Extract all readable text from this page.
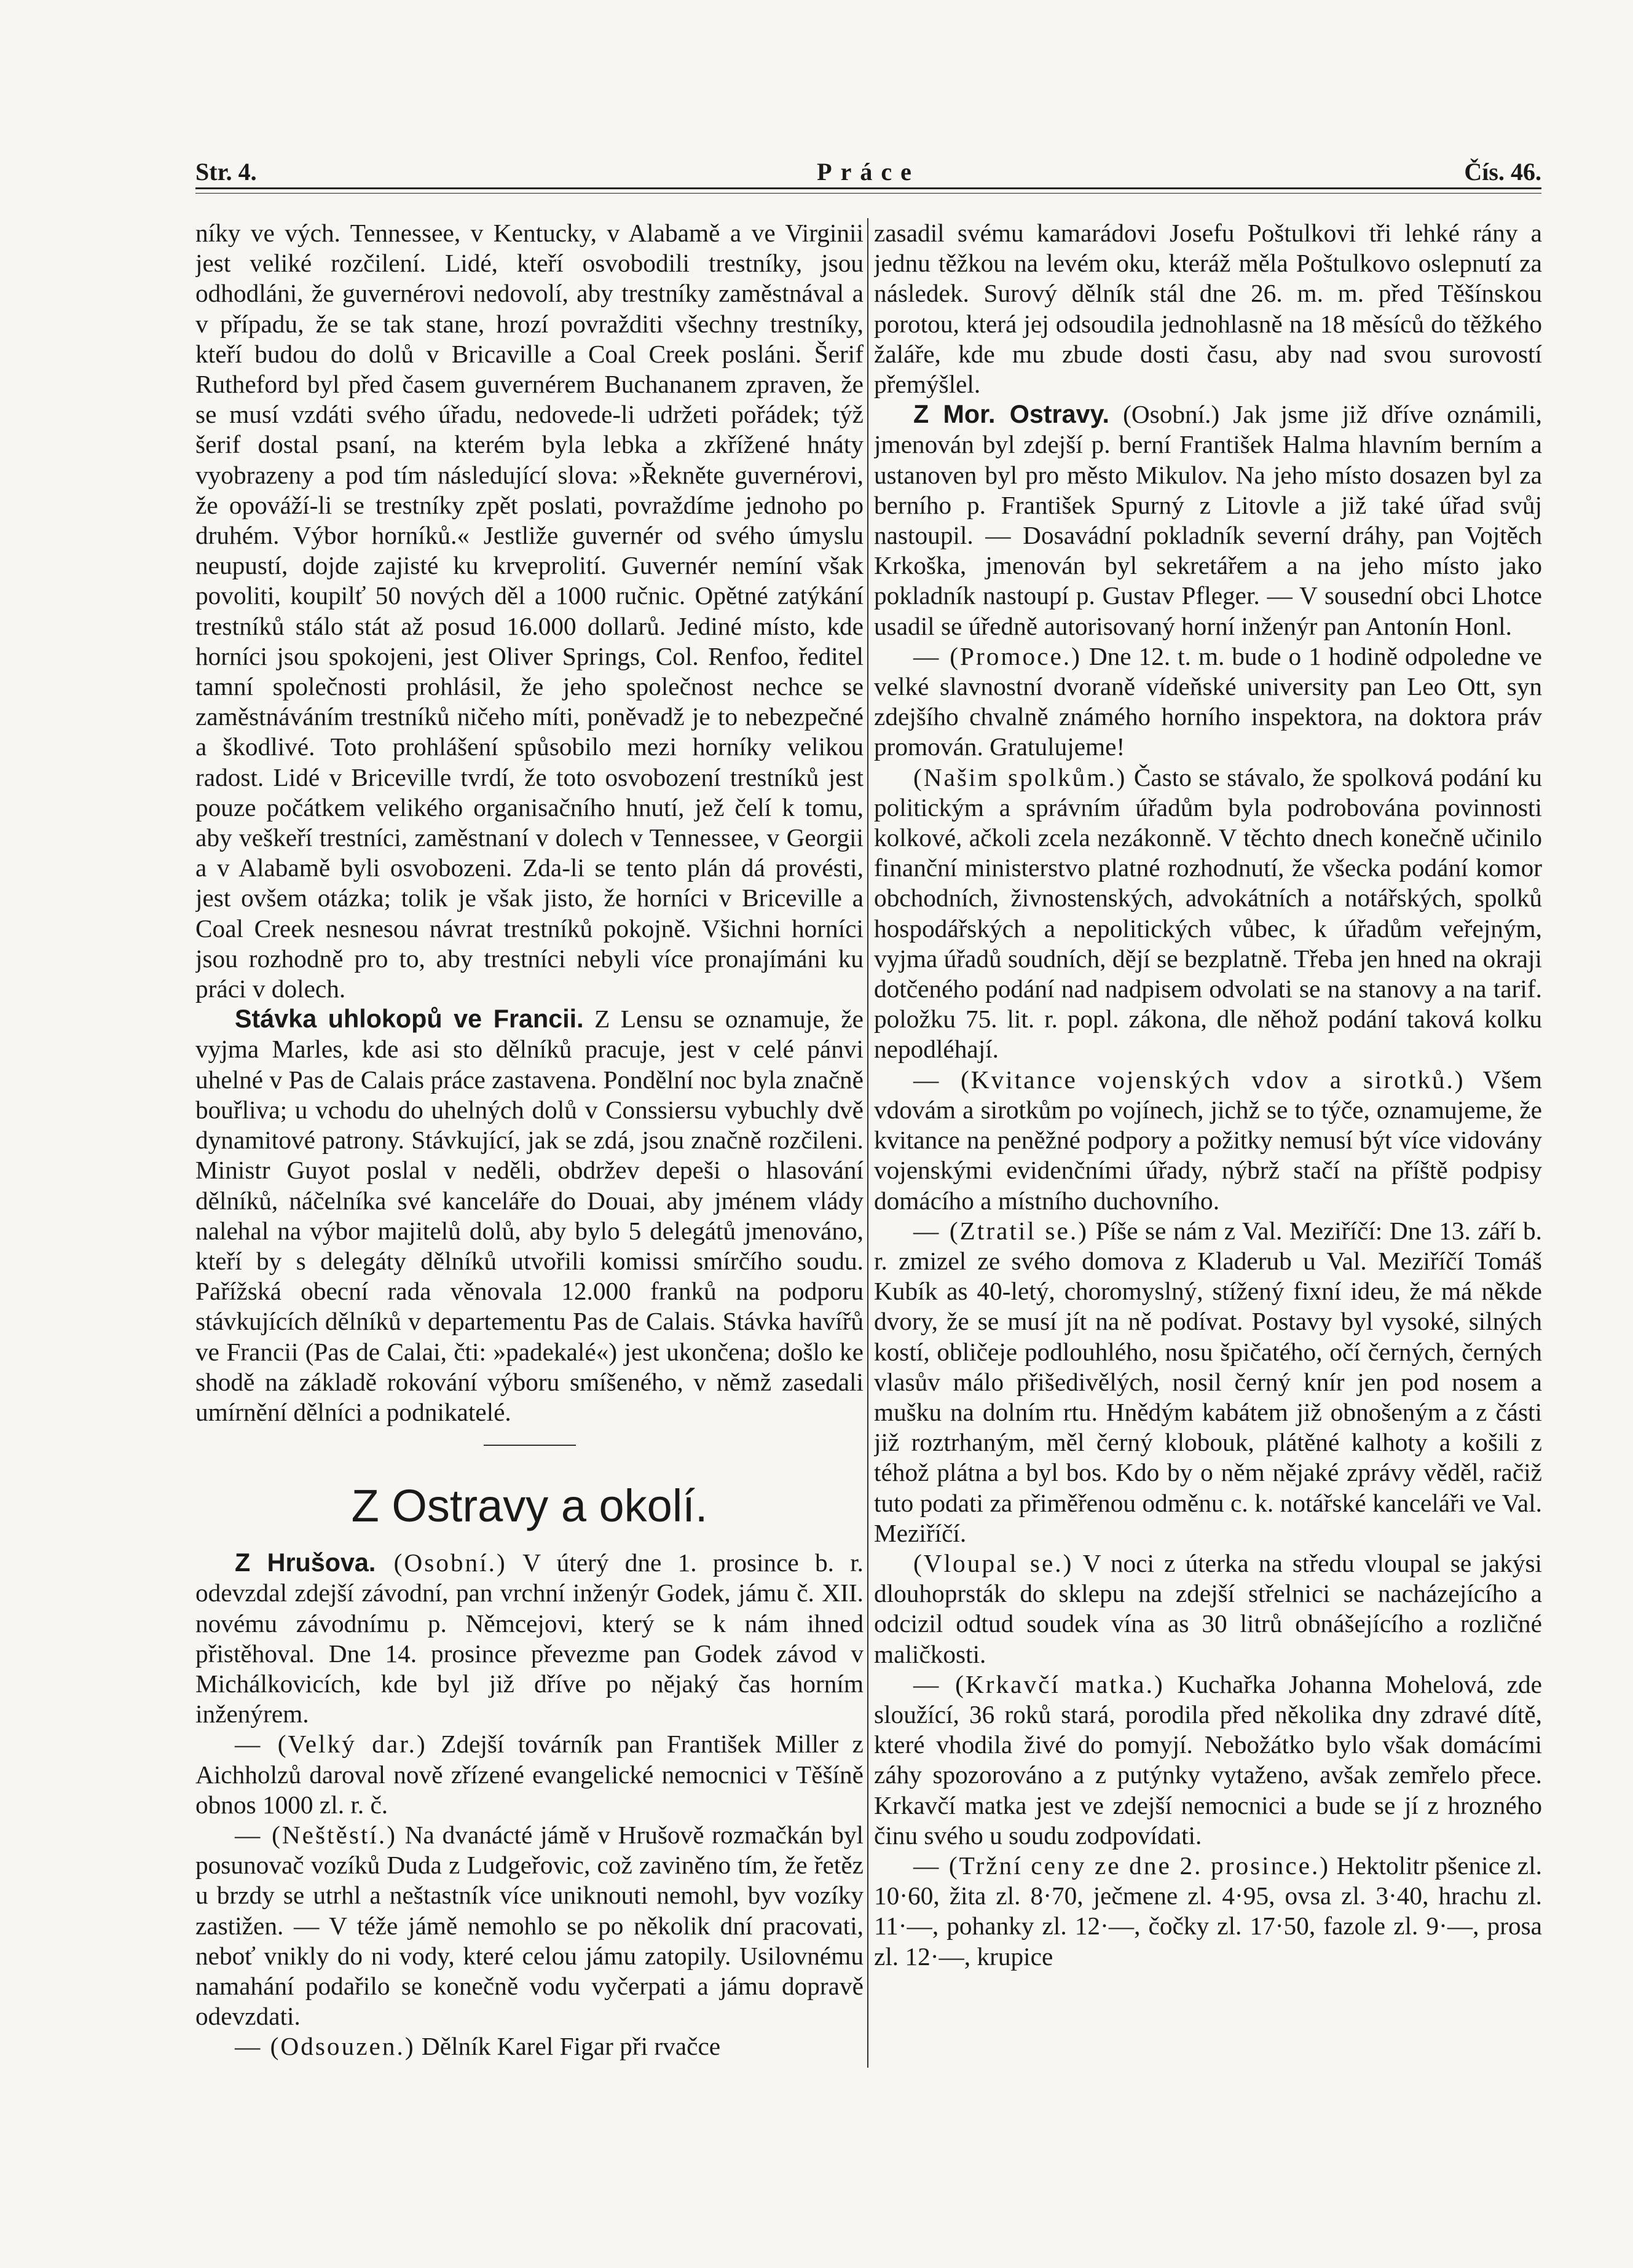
Str. 4.	Práce	Čís. 46.

níky ve vých. Tennessee, v Kentucky, v Alabamě a ve Virginii jest veliké rozčilení. Lidé, kteří osvobodili trestníky, jsou odhodláni, že guvernérovi nedovolí, aby trestníky zaměstnával a v případu, že se tak stane, hrozí povražditi všechny trestníky, kteří budou do dolů v Bricaville a Coal Creek posláni. Šerif Rutheford byl před časem guvernérem Buchananem zpraven, že se musí vzdáti svého úřadu, nedovede-li udržeti pořádek; týž šerif dostal psaní, na kterém byla lebka a zkřížené hnáty vyobrazeny a pod tím následující slova: »Řekněte guvernérovi, že opováží-li se trestníky zpět poslati, povraždíme jednoho po druhém. Výbor horníků.« Jestliže guvernér od svého úmyslu neupustí, dojde zajisté ku krveprolití. Guvernér nemíní však povoliti, koupilť 50 nových děl a 1000 ručnic. Opětné zatýkání trestníků stálo stát až posud 16.000 dollarů. Jediné místo, kde horníci jsou spokojeni, jest Oliver Springs, Col. Renfoo, ředitel tamní společnosti prohlásil, že jeho společnost nechce se zaměstnáváním trestníků ničeho míti, poněvadž je to nebezpečné a škodlivé. Toto prohlášení spůsobilo mezi horníky velikou radost. Lidé v Briceville tvrdí, že toto osvobození trestníků jest pouze počátkem velikého organisačního hnutí, jež čelí k tomu, aby veškeří trestníci, zaměstnaní v dolech v Tennessee, v Georgii a v Alabamě byli osvobozeni. Zda-li se tento plán dá provésti, jest ovšem otázka; tolik je však jisto, že horníci v Briceville a Coal Creek nesnesou návrat trestníků pokojně. Všichni horníci jsou rozhodně pro to, aby trestníci nebyli více pronajímáni ku práci v dolech.

Stávka uhlokopů ve Francii. Z Lensu se oznamuje, že vyjma Marles, kde asi sto dělníků pracuje, jest v celé pánvi uhelné v Pas de Calais práce zastavena. Pondělní noc byla značně bouřliva; u vchodu do uhelných dolů v Conssiersu vybuchly dvě dynamitové patrony. Stávkující, jak se zdá, jsou značně rozčileni. Ministr Guyot poslal v neděli, obdržev depeši o hlasování dělníků, náčelníka své kanceláře do Douai, aby jménem vlády nalehal na výbor majitelů dolů, aby bylo 5 delegátů jmenováno, kteří by s delegáty dělníků utvořili komissi smírčího soudu. Pařížská obecní rada věnovala 12.000 franků na podporu stávkujících dělníků v departementu Pas de Calais. Stávka havířů ve Francii (Pas de Calai, čti: »padekalé«) jest ukončena; došlo ke shodě na základě rokování výboru smíšeného, v němž zasedali umírnění dělníci a podnikatelé.

Z Ostravy a okolí.

Z Hrušova. (Osobní.) V úterý dne 1. prosince b. r. odevzdal zdejší závodní, pan vrchní inženýr Godek, jámu č. XII. novému závodnímu p. Němcejovi, který se k nám ihned přistěhoval. Dne 14. prosince převezme pan Godek závod v Michálkovicích, kde byl již dříve po nějaký čas horním inženýrem.

— (Velký dar.) Zdejší továrník pan František Miller z Aichholzů daroval nově zřízené evangelické nemocnici v Těšíně obnos 1000 zl. r. č.

— (Neštěstí.) Na dvanácté jámě v Hrušově rozmačkán byl posunovač vozíků Duda z Ludgeřovic, což zaviněno tím, že řetěz u brzdy se utrhl a neštastník více uniknouti nemohl, byv vozíky zastižen. — V téže jámě nemohlo se po několik dní pracovati, neboť vnikly do ni vody, které celou jámu zatopily. Usilovnému namahání podařilo se konečně vodu vyčerpati a jámu dopravě odevzdati.

— (Odsouzen.) Dělník Karel Figar při rvačce

zasadil svému kamarádovi Josefu Poštulkovi tři lehké rány a jednu těžkou na levém oku, kteráž měla Poštulkovo oslepnutí za následek. Surový dělník stál dne 26. m. m. před Těšínskou porotou, která jej odsoudila jednohlasně na 18 měsíců do těžkého žaláře, kde mu zbude dosti času, aby nad svou surovostí přemýšlel.

Z Mor. Ostravy. (Osobní.) Jak jsme již dříve oznámili, jmenován byl zdejší p. berní František Halma hlavním berním a ustanoven byl pro město Mikulov. Na jeho místo dosazen byl za berního p. František Spurný z Litovle a již také úřad svůj nastoupil. — Dosavádní pokladník severní dráhy, pan Vojtěch Krkoška, jmenován byl sekretářem a na jeho místo jako pokladník nastoupí p. Gustav Pfleger. — V sousední obci Lhotce usadil se úředně autorisovaný horní inženýr pan Antonín Honl.

— (Promoce.) Dne 12. t. m. bude o 1 hodině odpoledne ve velké slavnostní dvoraně vídeňské university pan Leo Ott, syn zdejšího chvalně známého horního inspektora, na doktora práv promován. Gratulujeme!

(Našim spolkům.) Často se stávalo, že spolková podání ku politickým a správním úřadům byla podrobována povinnosti kolkové, ačkoli zcela nezákonně. V těchto dnech konečně učinilo finanční ministerstvo platné rozhodnutí, že všecka podání komor obchodních, živnostenských, advokátních a notářských, spolků hospodářských a nepolitických vůbec, k úřadům veřejným, vyjma úřadů soudních, dějí se bezplatně. Třeba jen hned na okraji dotčeného podání nad nadpisem odvolati se na stanovy a na tarif. položku 75. lit. r. popl. zákona, dle něhož podání taková kolku nepodléhají.

— (Kvitance vojenských vdov a sirotků.) Všem vdovám a sirotkům po vojínech, jichž se to týče, oznamujeme, že kvitance na peněžné podpory a požitky nemusí být více vidovány vojenskými evidenčními úřady, nýbrž stačí na příště podpisy domácího a místního duchovního.

— (Ztratil se.) Píše se nám z Val. Meziříčí: Dne 13. září b. r. zmizel ze svého domova z Kladerub u Val. Meziříčí Tomáš Kubík as 40-letý, choromyslný, stížený fixní ideu, že má někde dvory, že se musí jít na ně podívat. Postavy byl vysoké, silných kostí, obličeje podlouhlého, nosu špičatého, očí černých, černých vlasův málo přišedivělých, nosil černý knír jen pod nosem a mušku na dolním rtu. Hnědým kabátem již obnošeným a z části již roztrhaným, měl černý klobouk, plátěné kalhoty a košili z téhož plátna a byl bos. Kdo by o něm nějaké zprávy věděl, račiž tuto podati za přiměřenou odměnu c. k. notářské kanceláři ve Val. Meziříčí.

(Vloupal se.) V noci z úterka na středu vloupal se jakýsi dlouhoprsták do sklepu na zdejší střelnici se nacházejícího a odcizil odtud soudek vína as 30 litrů obnášejícího a rozličné maličkosti.

— (Krkavčí matka.) Kuchařka Johanna Mohelová, zde sloužící, 36 roků stará, porodila před několika dny zdravé dítě, které vhodila živé do pomyjí. Nebožátko bylo však domácími záhy spozorováno a z putýnky vytaženo, avšak zemřelo přece. Krkavčí matka jest ve zdejší nemocnici a bude se jí z hrozného činu svého u soudu zodpovídati.

— (Tržní ceny ze dne 2. prosince.) Hektolitr pšenice zl. 10·60, žita zl. 8·70, ječmene zl. 4·95, ovsa zl. 3·40, hrachu zl. 11·—, pohanky zl. 12·—, čočky zl. 17·50, fazole zl. 9·—, prosa zl. 12·—, krupice
